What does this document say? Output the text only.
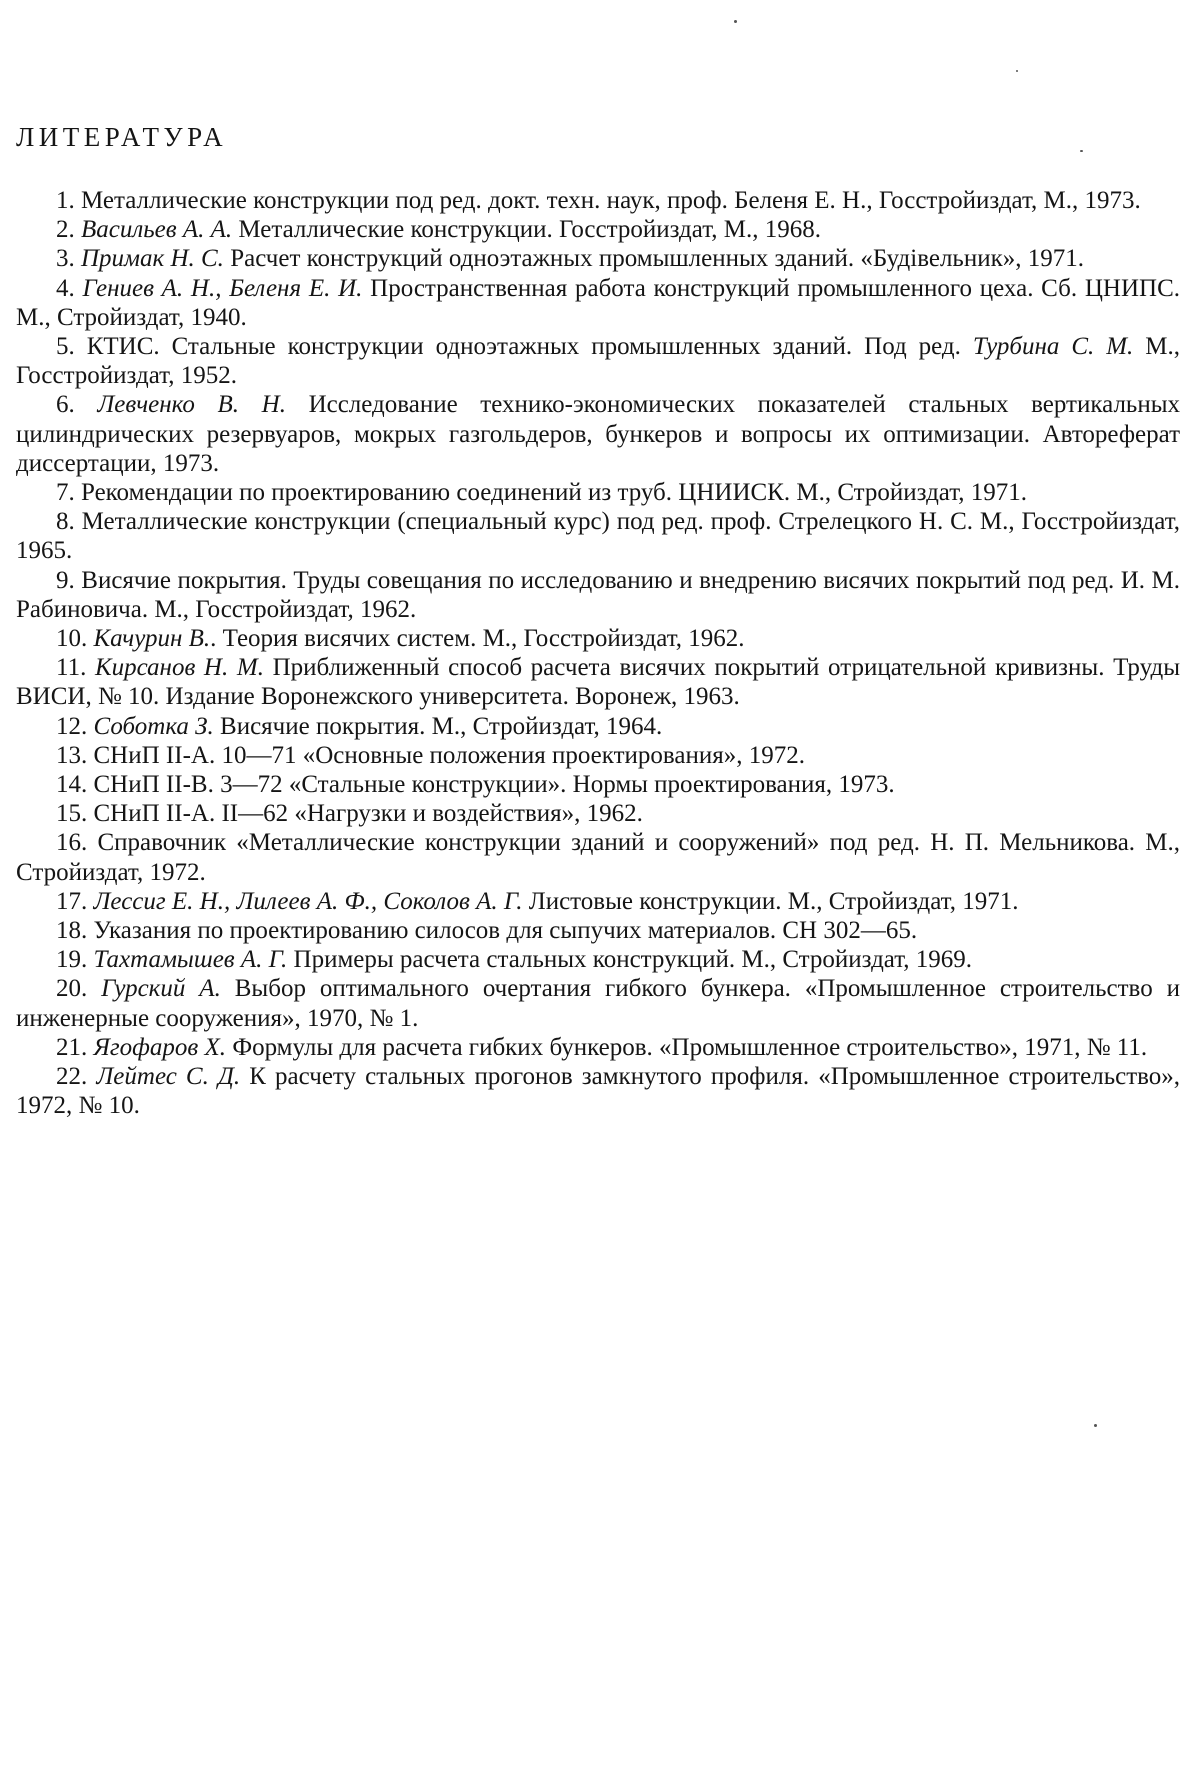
ЛИТЕРАТУРА
1. Металлические конструкции под ред. докт. техн. наук, проф. Беленя Е. Н., Госстройиздат, М., 1973.
2. Васильев А. А. Металлические конструкции. Госстройиздат, М., 1968.
3. Примак Н. С. Расчет конструкций одноэтажных промышленных зданий. «Будівельник», 1971.
4. Гениев А. Н., Беленя Е. И. Пространственная работа конструкций промышленного цеха. Сб. ЦНИПС. М., Стройиздат, 1940.
5. КТИС. Стальные конструкции одноэтажных промышленных зданий. Под ред. Турбина С. М. М., Госстройиздат, 1952.
6. Левченко В. Н. Исследование технико-экономических показателей стальных вертикальных цилиндрических резервуаров, мокрых газгольдеров, бункеров и вопросы их оптимизации. Автореферат диссертации, 1973.
7. Рекомендации по проектированию соединений из труб. ЦНИИСК. М., Стройиздат, 1971.
8. Металлические конструкции (специальный курс) под ред. проф. Стрелецкого Н. С. М., Госстройиздат, 1965.
9. Висячие покрытия. Труды совещания по исследованию и внедрению висячих покрытий под ред. И. М. Рабиновича. М., Госстройиздат, 1962.
10. Качурин В.. Теория висячих систем. М., Госстройиздат, 1962.
11. Кирсанов Н. М. Приближенный способ расчета висячих покрытий отрицательной кривизны. Труды ВИСИ, № 10. Издание Воронежского университета. Воронеж, 1963.
12. Соботка З. Висячие покрытия. М., Стройиздат, 1964.
13. СНиП II-А. 10—71 «Основные положения проектирования», 1972.
14. СНиП II-В. 3—72 «Стальные конструкции». Нормы проектирования, 1973.
15. СНиП II-А. II—62 «Нагрузки и воздействия», 1962.
16. Справочник «Металлические конструкции зданий и сооружений» под ред. Н. П. Мельникова. М., Стройиздат, 1972.
17. Лессиг Е. Н., Лилеев А. Ф., Соколов А. Г. Листовые конструкции. М., Стройиздат, 1971.
18. Указания по проектированию силосов для сыпучих материалов. СН 302—65.
19. Тахтамышев А. Г. Примеры расчета стальных конструкций. М., Стройиздат, 1969.
20. Гурский А. Выбор оптимального очертания гибкого бункера. «Промышленное строительство и инженерные сооружения», 1970, № 1.
21. Ягофаров Х. Формулы для расчета гибких бункеров. «Промышленное строительство», 1971, № 11.
22. Лейтес С. Д. К расчету стальных прогонов замкнутого профиля. «Промышленное строительство», 1972, № 10.
